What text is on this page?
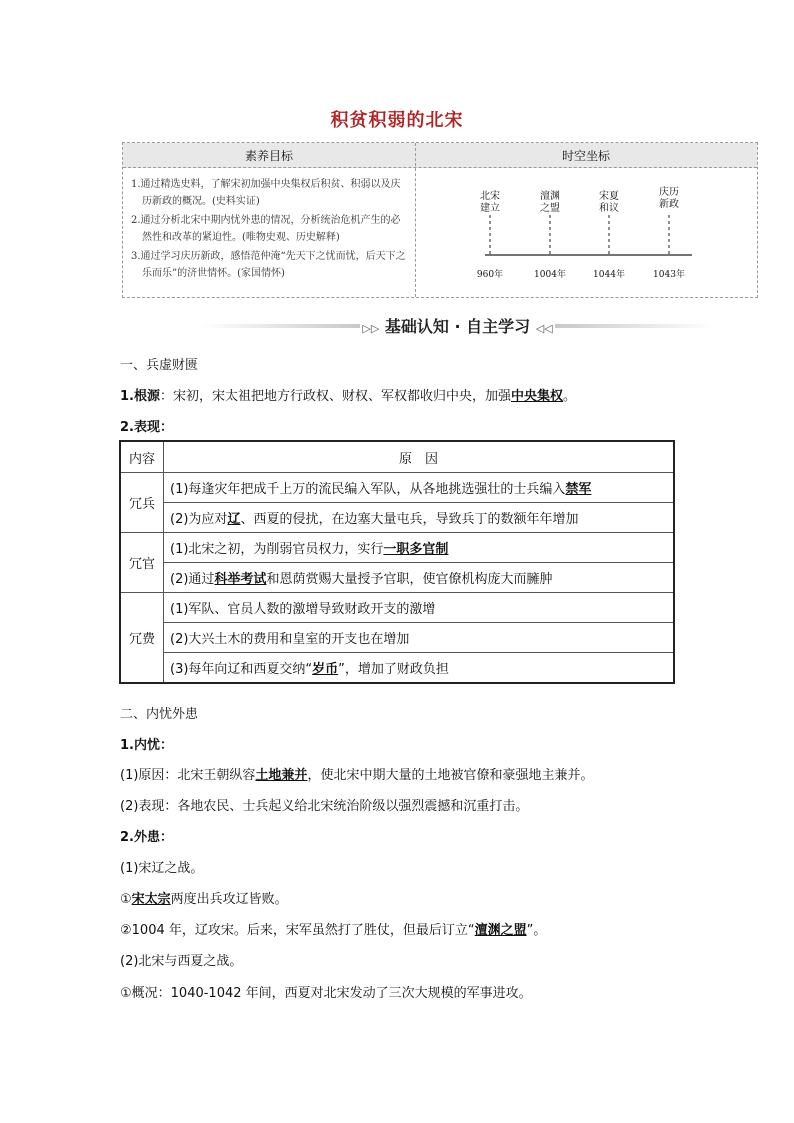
积贫积弱的北宋
素养目标	时空坐标

1.通过精选史料，了解宋初加强中央集权后积贫、积弱以及庆历新政的概况。(史料实证)

2.通过分析北宋中期内忧外患的情况，分析统治危机产生的必然性和改革的紧迫性。(唯物史观、历史解释)

3.通过学习庆历新政，感悟范仲淹“先天下之忧而忧，后天下之乐而乐”的济世情怀。(家国情怀)

北宋
建立
澶渊
之盟
宋夏
和议
庆历
新政
960年	1004年	1044年	1043年
▷▷ 基础认知 · 自主学习 ◁◁
一、兵虚财匮
1.根源：宋初，宋太祖把地方行政权、财权、军权都收归中央，加强中央集权。
2.表现：
内容	原　因
冗兵	(1)每逢灾年把成千上万的流民编入军队，从各地挑选强壮的士兵编入禁军
	(2)为应对辽、西夏的侵扰，在边塞大量屯兵，导致兵丁的数额年年增加
冗官	(1)北宋之初，为削弱官员权力，实行一职多官制
	(2)通过科举考试和恩荫赏赐大量授予官职，使官僚机构庞大而臃肿
冗费	(1)军队、官员人数的激增导致财政开支的激增
	(2)大兴土木的费用和皇室的开支也在增加
	(3)每年向辽和西夏交纳“岁币”，增加了财政负担
二、内忧外患
1.内忧：
(1)原因：北宋王朝纵容土地兼并，使北宋中期大量的土地被官僚和豪强地主兼并。
(2)表现：各地农民、士兵起义给北宋统治阶级以强烈震撼和沉重打击。
2.外患：
(1)宋辽之战。
①宋太宗两度出兵攻辽皆败。
②1004 年，辽攻宋。后来，宋军虽然打了胜仗，但最后订立“澶渊之盟”。
(2)北宋与西夏之战。
①概况：1040-1042 年间，西夏对北宋发动了三次大规模的军事进攻。
